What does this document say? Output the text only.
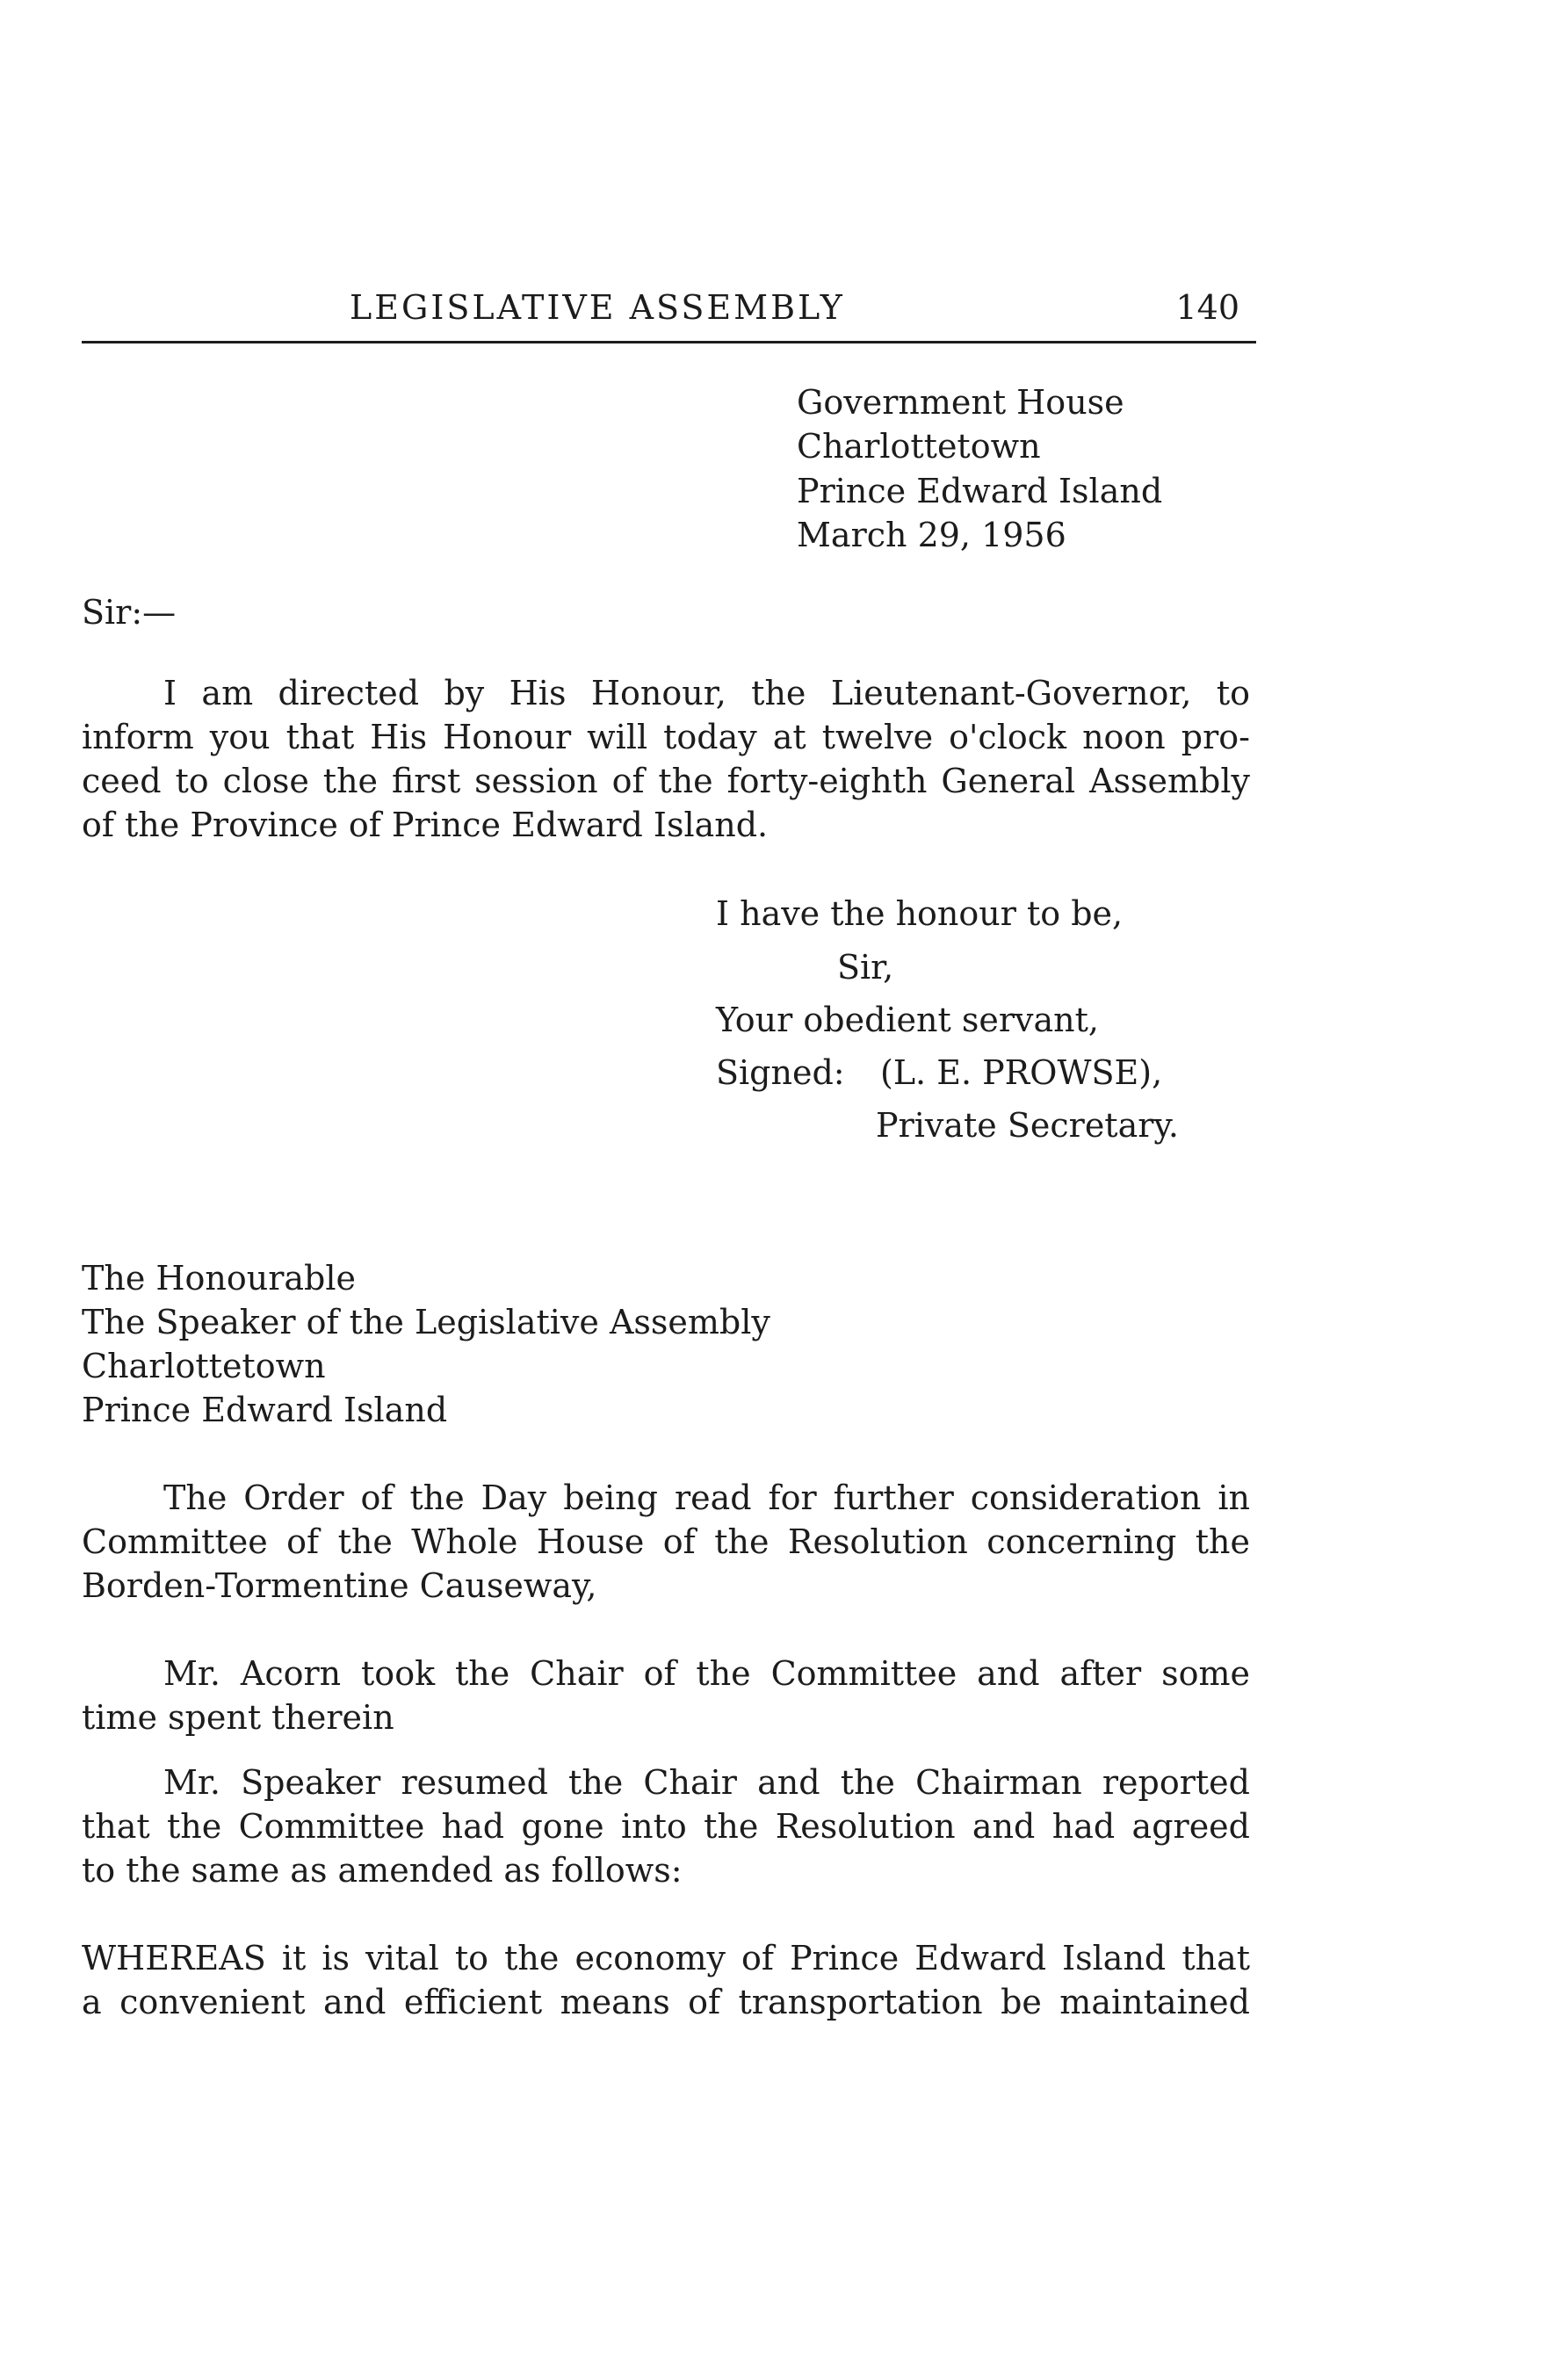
LEGISLATIVE ASSEMBLY	140
Government House
Charlottetown
Prince Edward Island
March 29, 1956
Sir:—
I am directed by His Honour, the Lieutenant-Governor, to
inform you that His Honour will today at twelve o'clock noon pro-
ceed to close the first session of the forty-eighth General Assembly
of the Province of Prince Edward Island.
I have the honour to be,
Sir,
Your obedient servant,
Signed: (L. E. PROWSE),
Private Secretary.
The Honourable
The Speaker of the Legislative Assembly
Charlottetown
Prince Edward Island
The Order of the Day being read for further consideration in
Committee of the Whole House of the Resolution concerning the
Borden-Tormentine Causeway,
Mr. Acorn took the Chair of the Committee and after some
time spent therein
Mr. Speaker resumed the Chair and the Chairman reported
that the Committee had gone into the Resolution and had agreed
to the same as amended as follows:
WHEREAS it is vital to the economy of Prince Edward Island that
a convenient and efficient means of transportation be maintained
